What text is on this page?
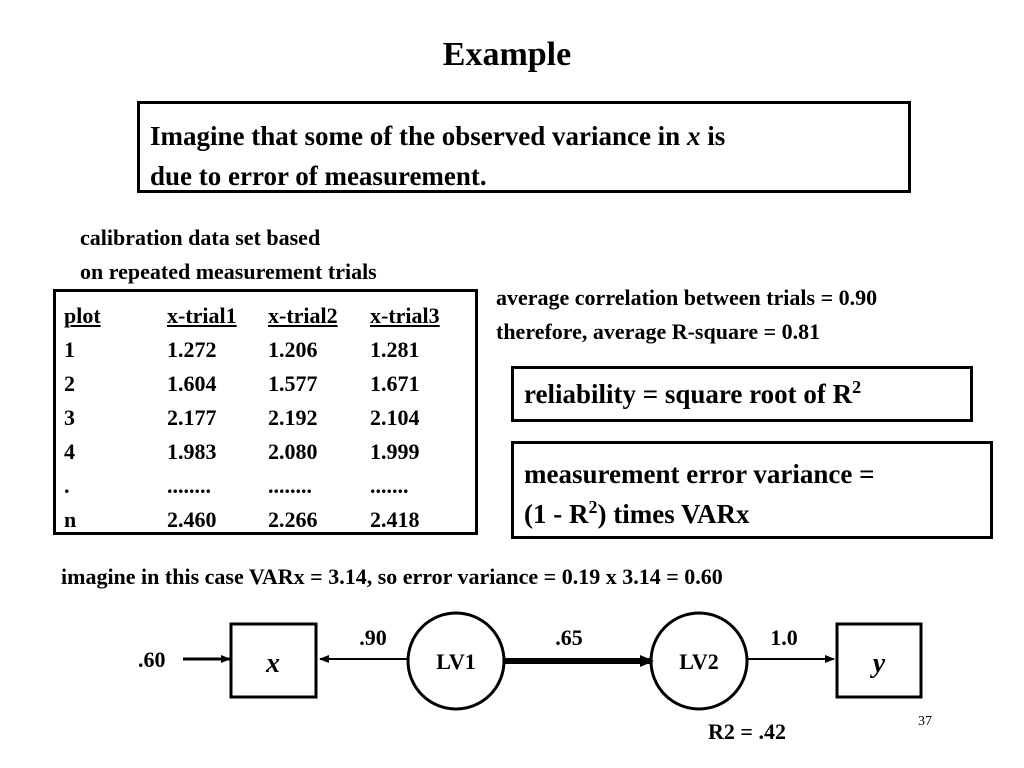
Example
Imagine that some of the observed variance in x is
due to error of measurement.
calibration data set based
on repeated measurement trials
plot	x-trial1	x-trial2	x-trial3
1	1.272	1.206	1.281
2	1.604	1.577	1.671
3	2.177	2.192	2.104
4	1.983	2.080	1.999
.	........	........	.......
n	2.460	2.266	2.418
average correlation between trials = 0.90
therefore, average R-square = 0.81
reliability = square root of $R^2$
measurement error variance =
$(1 - R^2)$ times VARx
imagine in this case VARx = 3.14, so error variance = 0.19 x 3.14 = 0.60
.60	x	LV1	LV2	y
.90	.65	1.0
R2 = .42	37
